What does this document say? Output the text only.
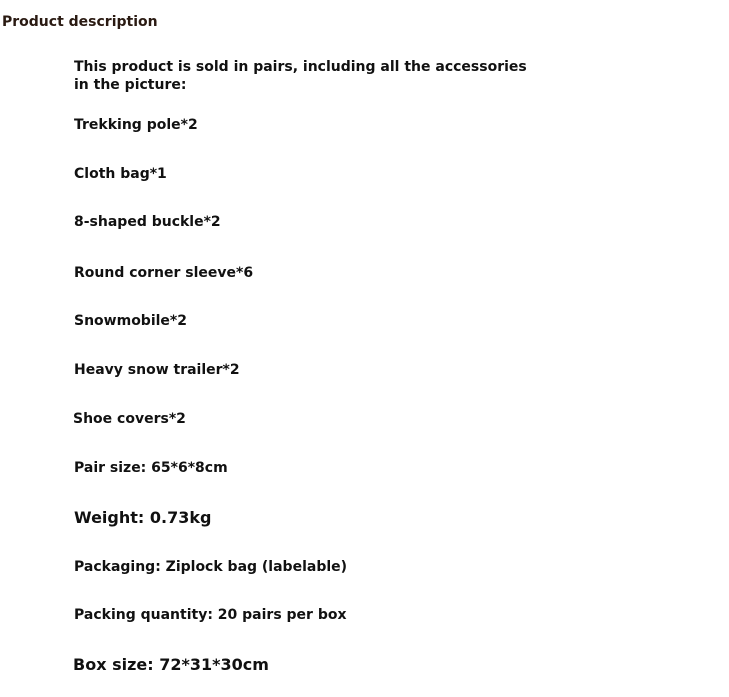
Product description

This product is sold in pairs, including all the accessories in the picture:

Trekking pole*2

Cloth bag*1

8-shaped buckle*2

Round corner sleeve*6

Snowmobile*2

Heavy snow trailer*2

Shoe covers*2

Pair size: 65*6*8cm

Weight: 0.73kg

Packaging: Ziplock bag (labelable)

Packing quantity: 20 pairs per box

Box size: 72*31*30cm
